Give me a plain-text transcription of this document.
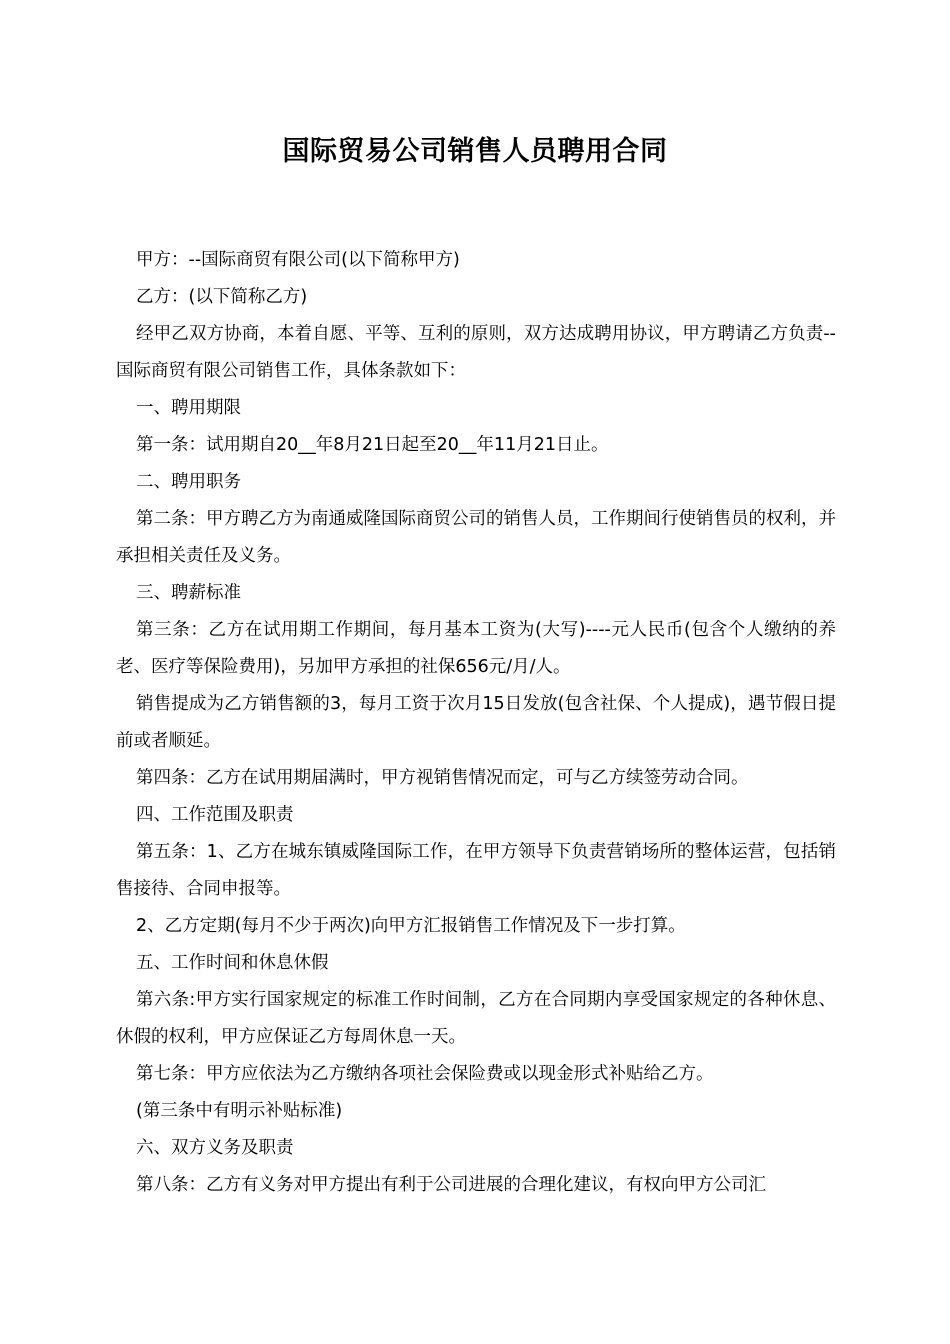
国际贸易公司销售人员聘用合同

甲方：--国际商贸有限公司(以下简称甲方)

乙方：(以下简称乙方)

经甲乙双方协商，本着自愿、平等、互利的原则，双方达成聘用协议，甲方聘请乙方负责--国际商贸有限公司销售工作，具体条款如下：

一、聘用期限

第一条：试用期自20__年8月21日起至20__年11月21日止。

二、聘用职务

第二条：甲方聘乙方为南通威隆国际商贸公司的销售人员，工作期间行使销售员的权利，并承担相关责任及义务。

三、聘薪标准

第三条：乙方在试用期工作期间，每月基本工资为(大写)----元人民币(包含个人缴纳的养老、医疗等保险费用)，另加甲方承担的社保656元/月/人。

销售提成为乙方销售额的3，每月工资于次月15日发放(包含社保、个人提成)，遇节假日提前或者顺延。

第四条：乙方在试用期届满时，甲方视销售情况而定，可与乙方续签劳动合同。

四、工作范围及职责

第五条：1、乙方在城东镇威隆国际工作，在甲方领导下负责营销场所的整体运营，包括销售接待、合同申报等。

2、乙方定期(每月不少于两次)向甲方汇报销售工作情况及下一步打算。

五、工作时间和休息休假

第六条:甲方实行国家规定的标准工作时间制，乙方在合同期内享受国家规定的各种休息、休假的权利，甲方应保证乙方每周休息一天。

第七条：甲方应依法为乙方缴纳各项社会保险费或以现金形式补贴给乙方。

(第三条中有明示补贴标准)

六、双方义务及职责

第八条：乙方有义务对甲方提出有利于公司进展的合理化建议，有权向甲方公司汇
